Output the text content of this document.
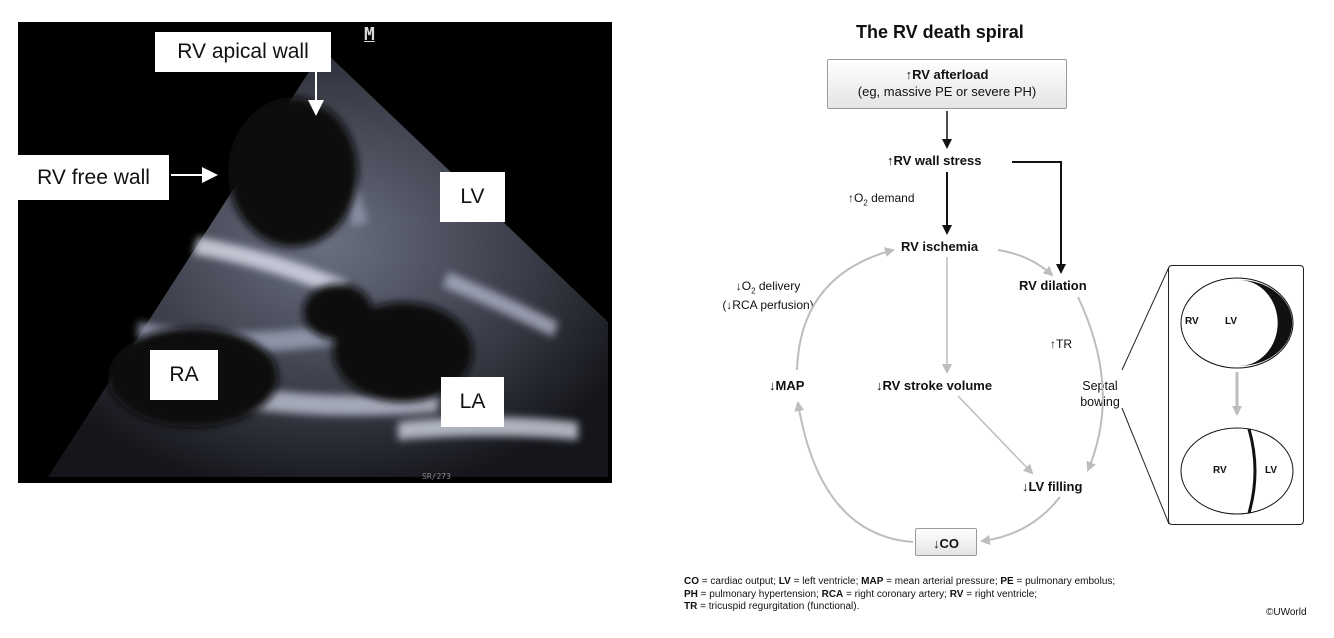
M
SR/273
RV apical wall
RV free wall
LV
RA
LA
The RV death spiral
↑RV afterload
(eg, massive PE or severe PH)
↑RV wall stress
$↑O_2$ demand
RV ischemia
RV dilation
$↓O_2$ delivery
(↓RCA perfusion)
↑TR
↓MAP	↓RV stroke volume	Septal
bowing
↓LV filling
↓CO
RV	LV
RV	LV
CO = cardiac output; LV = left ventricle; MAP = mean arterial pressure; PE = pulmonary embolus;
PH = pulmonary hypertension; RCA = right coronary artery; RV = right ventricle;
TR = tricuspid regurgitation (functional).
©UWorld
